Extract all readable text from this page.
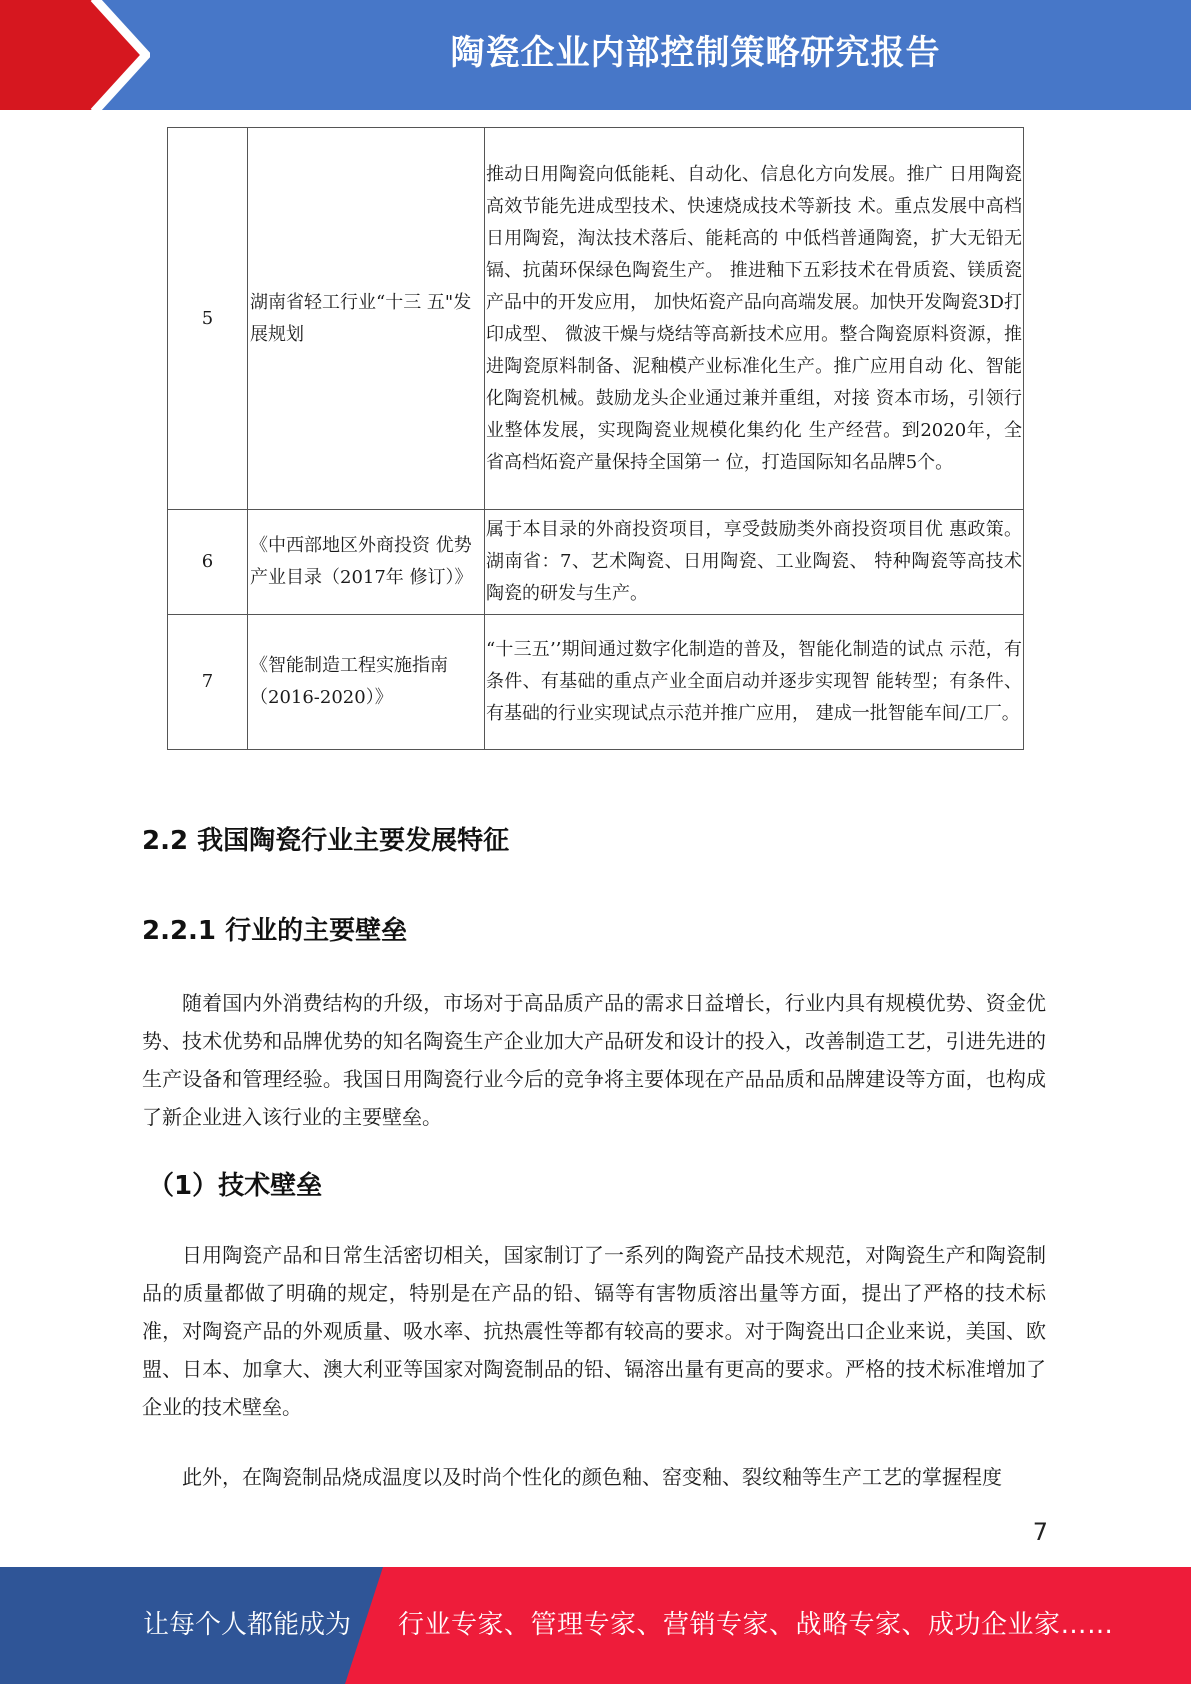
陶瓷企业内部控制策略研究报告
5	湖南省轻工行业“十三 五"发展规划	推动日用陶瓷向低能耗、自动化、信息化方向发展。推广 日用陶瓷高效节能先进成型技术、快速烧成技术等新技 术。重点发展中高档日用陶瓷，淘汰技术落后、能耗高的 中低档普通陶瓷，扩大无铅无镉、抗菌环保绿色陶瓷生产。 推进釉下五彩技术在骨质瓷、镁质瓷产品中的开发应用， 加快炻瓷产品向高端发展。加快开发陶瓷3D打印成型、 微波干燥与烧结等高新技术应用。整合陶瓷原料资源，推 进陶瓷原料制备、泥釉模产业标准化生产。推广应用自动 化、智能化陶瓷机械。鼓励龙头企业通过兼并重组，对接 资本市场，引领行业整体发展，实现陶瓷业规模化集约化 生产经营。到2020年，全省高档炻瓷产量保持全国第一 位，打造国际知名品牌5个。
6	《中西部地区外商投资 优势产业目录（2017年 修订）》	属于本目录的外商投资项目，享受鼓励类外商投资项目优 惠政策。湖南省：7、艺术陶瓷、日用陶瓷、工业陶瓷、 特种陶瓷等高技术陶瓷的研发与生产。
7	《智能制造工程实施指南（2016-2020）》	“十三五’’期间通过数字化制造的普及，智能化制造的试点 示范，有条件、有基础的重点产业全面启动并逐步实现智 能转型；有条件、有基础的行业实现试点示范并推广应用， 建成一批智能车间/工厂。
2.2 我国陶瓷行业主要发展特征
2.2.1 行业的主要壁垒

随着国内外消费结构的升级，市场对于高品质产品的需求日益增长，行业内具有规模优势、资金优势、技术优势和品牌优势的知名陶瓷生产企业加大产品研发和设计的投入，改善制造工艺，引进先进的生产设备和管理经验。我国日用陶瓷行业今后的竞争将主要体现在产品品质和品牌建设等方面，也构成了新企业进入该行业的主要壁垒。

（1）技术壁垒

日用陶瓷产品和日常生活密切相关，国家制订了一系列的陶瓷产品技术规范，对陶瓷生产和陶瓷制品的质量都做了明确的规定，特别是在产品的铅、镉等有害物质溶出量等方面，提出了严格的技术标准，对陶瓷产品的外观质量、吸水率、抗热震性等都有较高的要求。对于陶瓷出口企业来说，美国、欧盟、日本、加拿大、澳大利亚等国家对陶瓷制品的铅、镉溶出量有更高的要求。严格的技术标准增加了企业的技术壁垒。

此外，在陶瓷制品烧成温度以及时尚个性化的颜色釉、窑变釉、裂纹釉等生产工艺的掌握程度

7
让每个人都能成为 行业专家、管理专家、营销专家、战略专家、成功企业家……
